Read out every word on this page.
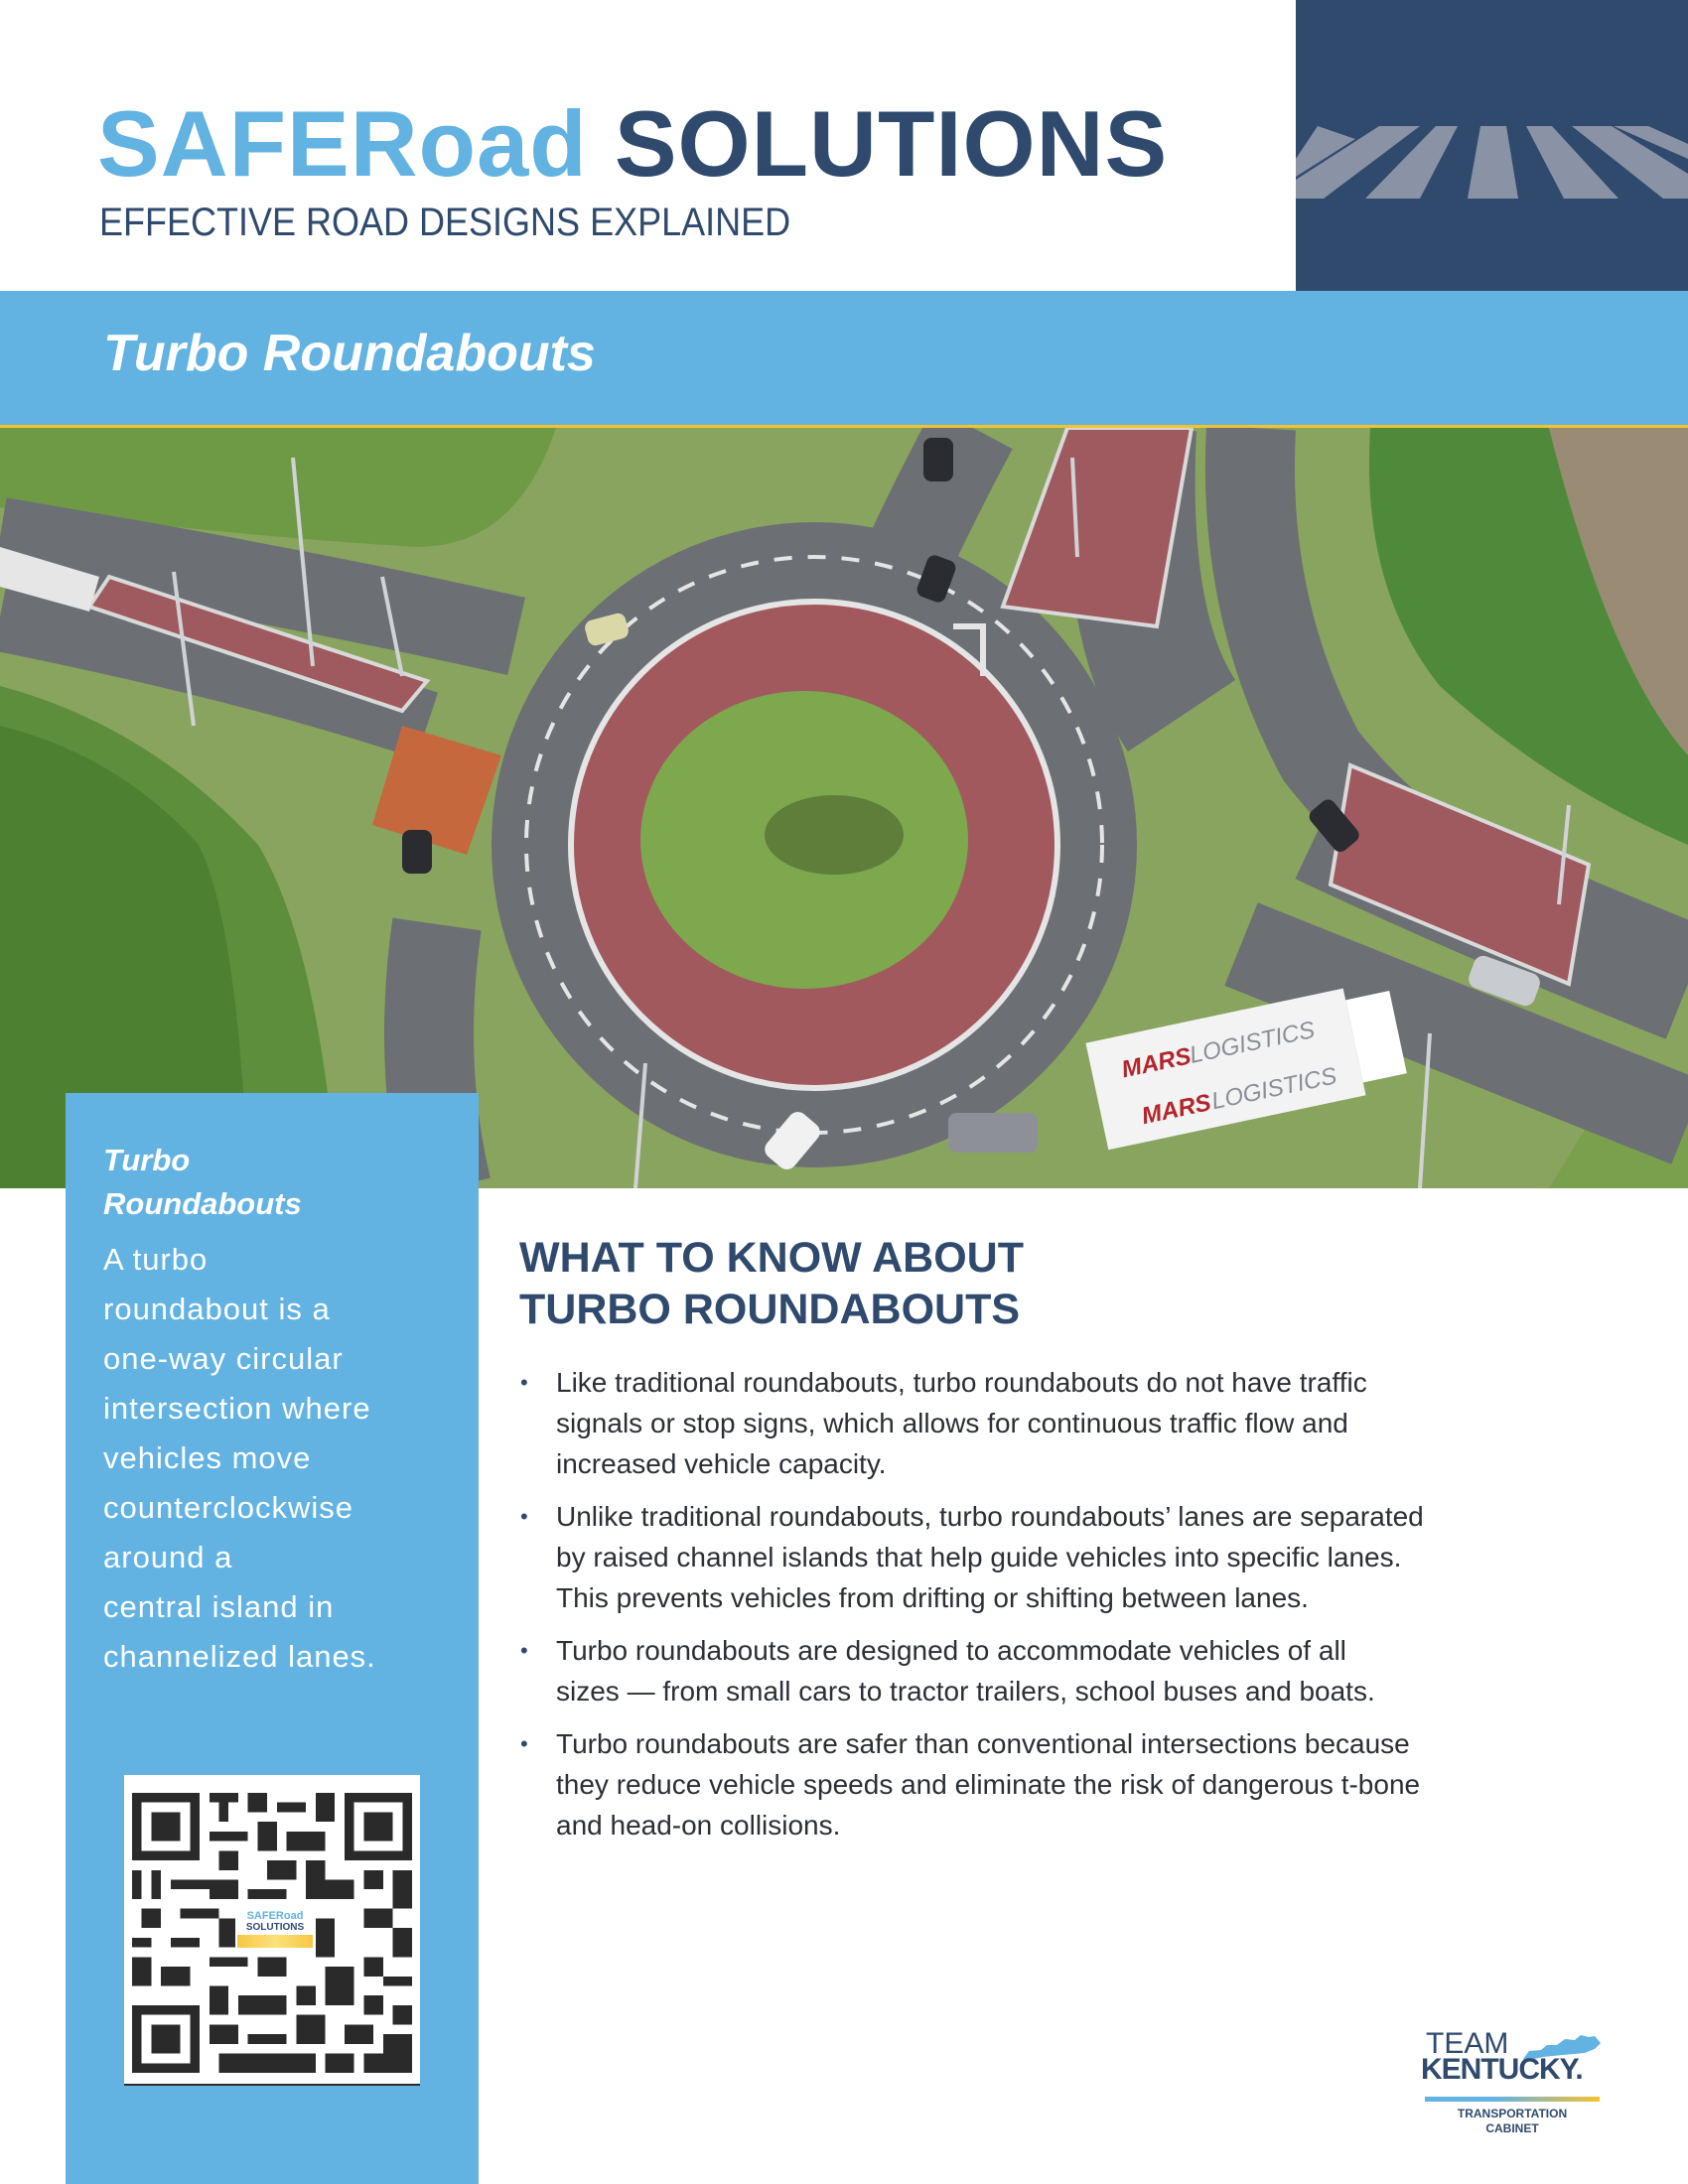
SAFERoad SOLUTIONS
EFFECTIVE ROAD DESIGNS EXPLAINED
Turbo Roundabouts
MARS
LOGISTICS
MARS
LOGISTICS
Turbo
Roundabouts
A turbo
roundabout is a
one-way circular
intersection where
vehicles move
counterclockwise
around a
central island in
channelized lanes.
SAFERoad
SOLUTIONS
WHAT TO KNOW ABOUT
TURBO ROUNDABOUTS
• Like traditional roundabouts, turbo roundabouts do not have traffic
signals or stop signs, which allows for continuous traffic flow and
increased vehicle capacity.
• Unlike traditional roundabouts, turbo roundabouts’ lanes are separated
by raised channel islands that help guide vehicles into specific lanes.
This prevents vehicles from drifting or shifting between lanes.
• Turbo roundabouts are designed to accommodate vehicles of all
sizes — from small cars to tractor trailers, school buses and boats.
• Turbo roundabouts are safer than conventional intersections because
they reduce vehicle speeds and eliminate the risk of dangerous t-bone
and head-on collisions.
TEAM
KENTUCKY.
TRANSPORTATION
CABINET
